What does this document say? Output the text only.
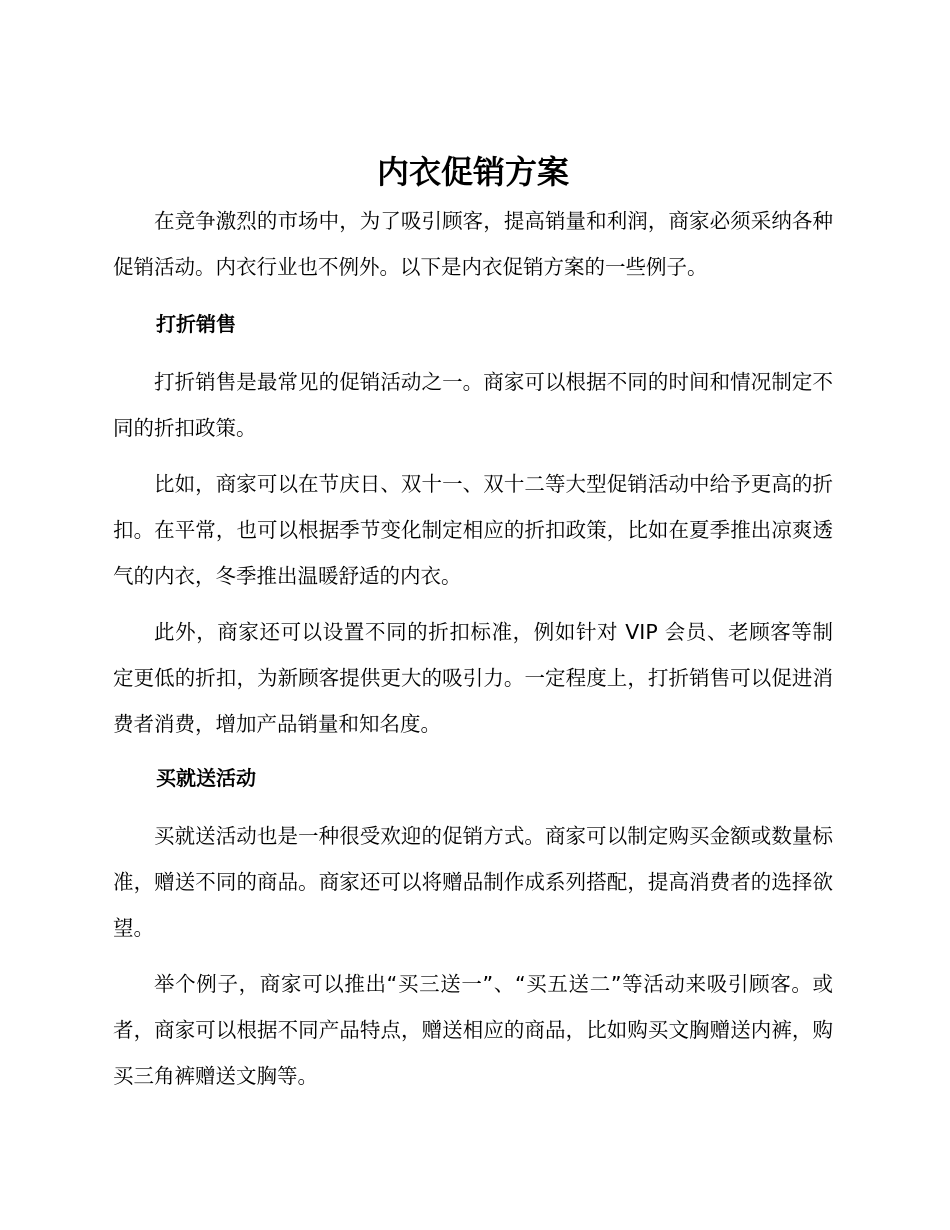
内衣促销方案

在竞争激烈的市场中，为了吸引顾客，提高销量和利润，商家必须采纳各种促销活动。内衣行业也不例外。以下是内衣促销方案的一些例子。

打折销售

打折销售是最常见的促销活动之一。商家可以根据不同的时间和情况制定不同的折扣政策。

比如，商家可以在节庆日、双十一、双十二等大型促销活动中给予更高的折扣。在平常，也可以根据季节变化制定相应的折扣政策，比如在夏季推出凉爽透气的内衣，冬季推出温暖舒适的内衣。

此外，商家还可以设置不同的折扣标准，例如针对 VIP 会员、老顾客等制定更低的折扣，为新顾客提供更大的吸引力。一定程度上，打折销售可以促进消费者消费，增加产品销量和知名度。

买就送活动

买就送活动也是一种很受欢迎的促销方式。商家可以制定购买金额或数量标准，赠送不同的商品。商家还可以将赠品制作成系列搭配，提高消费者的选择欲望。

举个例子，商家可以推出“买三送一”、“买五送二”等活动来吸引顾客。或者，商家可以根据不同产品特点，赠送相应的商品，比如购买文胸赠送内裤，购买三角裤赠送文胸等。
